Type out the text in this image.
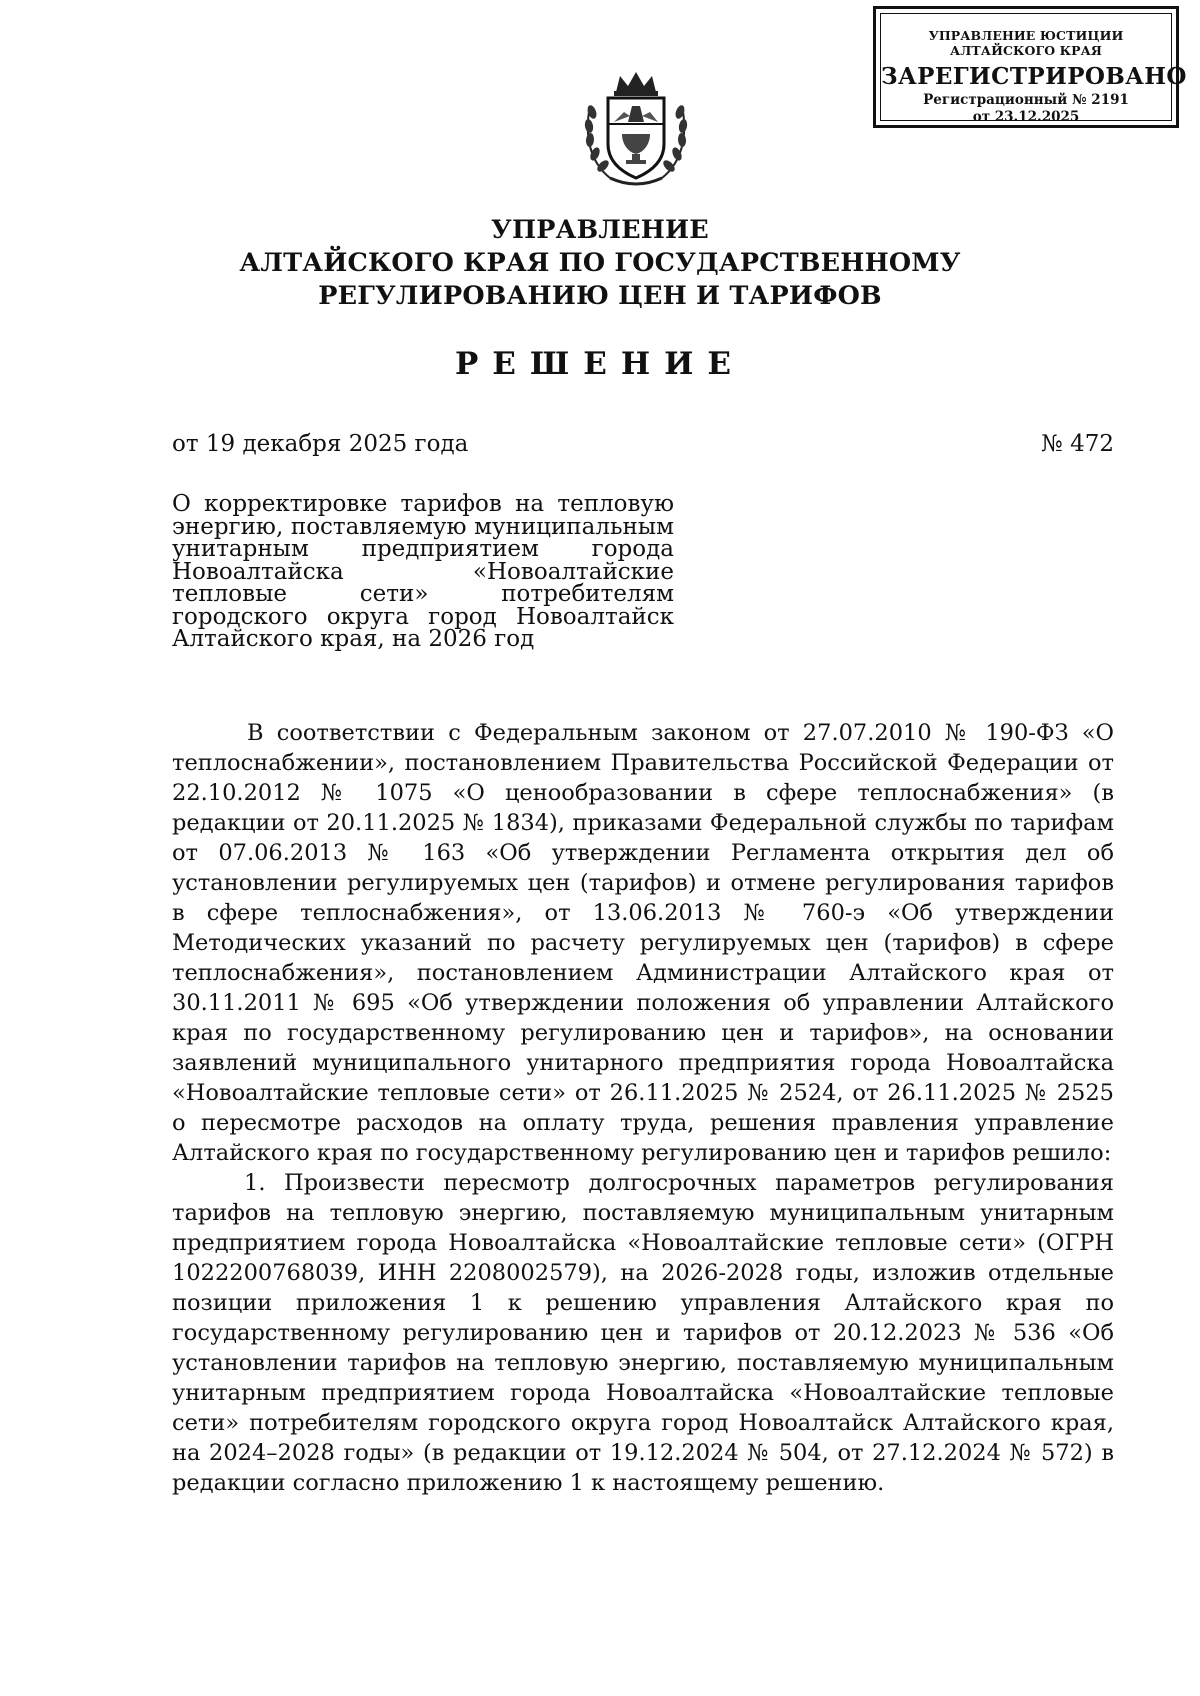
УПРАВЛЕНИЕ ЮСТИЦИИ
АЛТАЙСКОГО КРАЯ
ЗАРЕГИСТРИРОВАНО
Регистрационный № 2191
от 23.12.2025
УПРАВЛЕНИЕ
АЛТАЙСКОГО КРАЯ ПО ГОСУДАРСТВЕННОМУ
РЕГУЛИРОВАНИЮ ЦЕН И ТАРИФОВ
РЕШЕНИЕ
от 19 декабря 2025 года	№ 472
О корректировке тарифов на тепловую энергию, поставляемую муниципальным унитарным предприятием города Новоалтайска «Новоалтайские тепловые сети» потребителям городского округа город Новоалтайск Алтайского края, на 2026 год

В соответствии с Федеральным законом от 27.07.2010 № 190-ФЗ «О теплоснабжении», постановлением Правительства Российской Федерации от 22.10.2012 № 1075 «О ценообразовании в сфере теплоснабжения» (в редакции от 20.11.2025 № 1834), приказами Федеральной службы по тарифам от 07.06.2013 № 163 «Об утверждении Регламента открытия дел об установлении регулируемых цен (тарифов) и отмене регулирования тарифов в сфере теплоснабжения», от 13.06.2013 № 760-э «Об утверждении Методических указаний по расчету регулируемых цен (тарифов) в сфере теплоснабжения», постановлением Администрации Алтайского края от 30.11.2011 № 695 «Об утверждении положения об управлении Алтайского края по государственному регулированию цен и тарифов», на основании заявлений муниципального унитарного предприятия города Новоалтайска «Новоалтайские тепловые сети» от 26.11.2025 № 2524, от 26.11.2025 № 2525 о пересмотре расходов на оплату труда, решения правления управление Алтайского края по государственному регулированию цен и тарифов решило:

1. Произвести пересмотр долгосрочных параметров регулирования тарифов на тепловую энергию, поставляемую муниципальным унитарным предприятием города Новоалтайска «Новоалтайские тепловые сети» (ОГРН 1022200768039, ИНН 2208002579), на 2026-2028 годы, изложив отдельные позиции приложения 1 к решению управления Алтайского края по государственному регулированию цен и тарифов от 20.12.2023 № 536 «Об установлении тарифов на тепловую энергию, поставляемую муниципальным унитарным предприятием города Новоалтайска «Новоалтайские тепловые сети» потребителям городского округа город Новоалтайск Алтайского края, на 2024–2028 годы» (в редакции от 19.12.2024 № 504, от 27.12.2024 № 572) в редакции согласно приложению 1 к настоящему решению.
